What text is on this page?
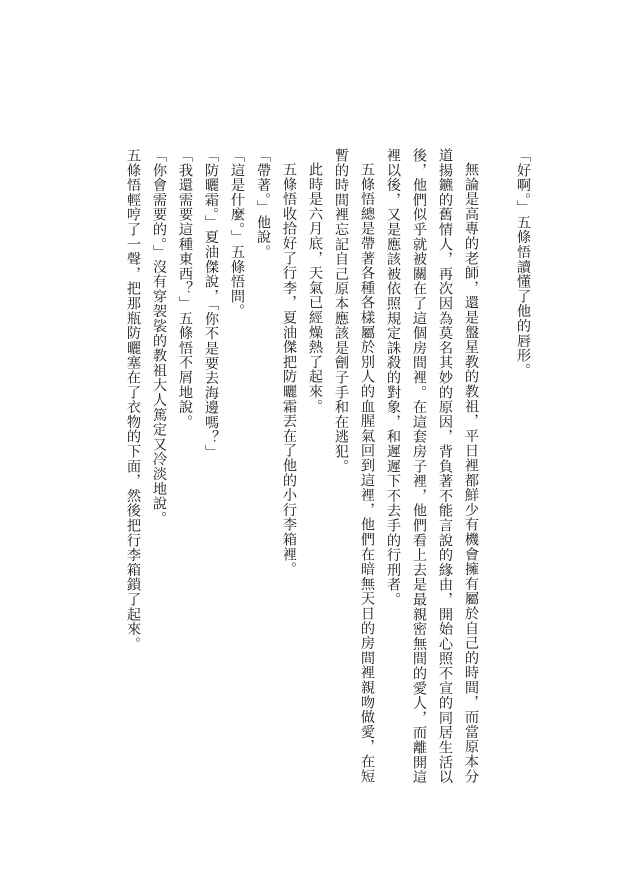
「好啊。」五條悟讀懂了他的唇形。

無論是高專的老師，還是盤星教的教祖，平日裡都鮮少有機會擁有屬於自己的時間，而當原本分道揚鑣的舊情人，再次因為莫名其妙的原因，背負著不能言說的緣由，開始心照不宣的同居生活以後，他們似乎就被關在了這個房間裡。在這套房子裡，他們看上去是最親密無間的愛人，而離開這裡以後，又是應該被依照規定誅殺的對象，和遲遲下不去手的行刑者。

五條悟總是帶著各種各樣屬於別人的血腥氣回到這裡，他們在暗無天日的房間裡親吻做愛，在短暫的時間裡忘記自己原本應該是劊子手和在逃犯。

此時是六月底，天氣已經燥熱了起來。

五條悟收拾好了行李，夏油傑把防曬霜丟在了他的小行李箱裡。

「帶著。」他說。

「這是什麼。」五條悟問。

「防曬霜。」夏油傑說，「你不是要去海邊嗎？」

「我還需要這種東西？」五條悟不屑地說。

「你會需要的。」沒有穿袈裟的教祖大人篤定又冷淡地說。

五條悟輕哼了一聲，把那瓶防曬塞在了衣物的下面，然後把行李箱鎖了起來。
